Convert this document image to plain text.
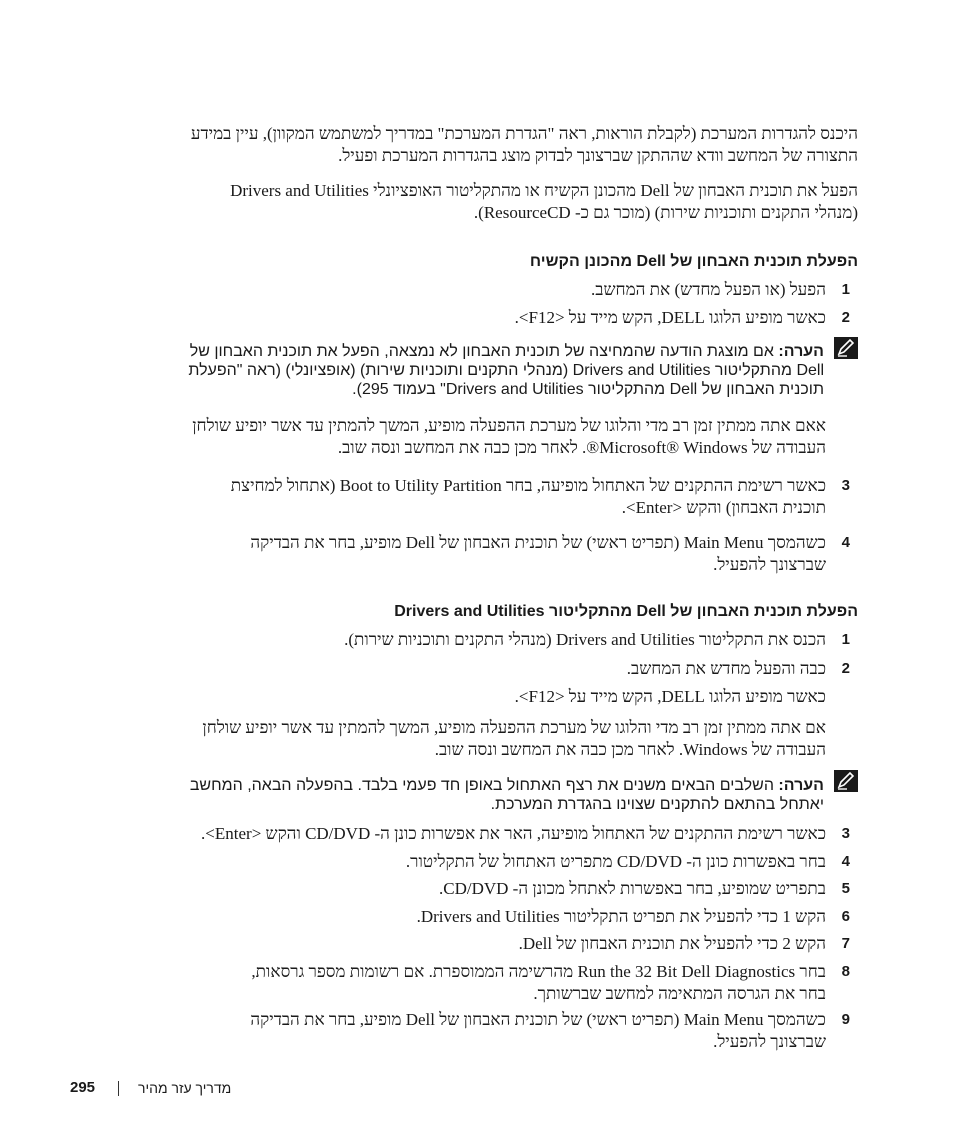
היכנס להגדרות המערכת (לקבלת הוראות, ראה "הגדרת המערכת" במדריך למשתמש המקוון), עיין במידע
התצורה של המחשב וודא שההתקן שברצונך לבדוק מוצג בהגדרות המערכת ופעיל.
הפעל את תוכנית האבחון של Dell מהכונן הקשיח או מהתקליטור האופציונלי Drivers and Utilities
(מנהלי התקנים ותוכניות שירות) (מוכר גם כ- ResourceCD).
הפעלת תוכנית האבחון של Dell מהכונן הקשיח
1
הפעל (או הפעל מחדש) את המחשב.
2
כאשר מופיע הלוגו DELL, הקש מייד על <F12>.
הערה: אם מוצגת הודעה שהמחיצה של תוכנית האבחון לא נמצאה, הפעל את תוכנית האבחון של
Dell מהתקליטור Drivers and Utilities (מנהלי התקנים ותוכניות שירות) (אופציונלי) (ראה "הפעלת
תוכנית האבחון של Dell מהתקליטור Drivers and Utilities" בעמוד 295).
אאם אתה ממתין זמן רב מדי והלוגו של מערכת ההפעלה מופיע, המשך להמתין עד אשר יופיע שולחן
העבודה של Microsoft® Windows®. לאחר מכן כבה את המחשב ונסה שוב.
3
כאשר רשימת ההתקנים של האתחול מופיעה, בחר Boot to Utility Partition (אתחול למחיצת
תוכנית האבחון) והקש <Enter>.
4
כשהמסך Main Menu (תפריט ראשי) של תוכנית האבחון של Dell מופיע, בחר את הבדיקה
שברצונך להפעיל.
הפעלת תוכנית האבחון של Dell מהתקליטור Drivers and Utilities
1
הכנס את התקליטור Drivers and Utilities (מנהלי התקנים ותוכניות שירות).
2
כבה והפעל מחדש את המחשב.
כאשר מופיע הלוגו DELL, הקש מייד על <F12>.
אם אתה ממתין זמן רב מדי והלוגו של מערכת ההפעלה מופיע, המשך להמתין עד אשר יופיע שולחן
העבודה של Windows. לאחר מכן כבה את המחשב ונסה שוב.
הערה: השלבים הבאים משנים את רצף האתחול באופן חד פעמי בלבד. בהפעלה הבאה, המחשב
יאתחל בהתאם להתקנים שצוינו בהגדרת המערכת.
3
כאשר רשימת ההתקנים של האתחול מופיעה, האר את אפשרות כונן ה- CD/DVD והקש <Enter>.
4
בחר באפשרות כונן ה- CD/DVD מתפריט האתחול של התקליטור.
5
בתפריט שמופיע, בחר באפשרות לאתחל מכונן ה- CD/DVD.
6
הקש 1 כדי להפעיל את תפריט התקליטור Drivers and Utilities.
7
הקש 2 כדי להפעיל את תוכנית האבחון של Dell.
8
בחר Run the 32 Bit Dell Diagnostics מהרשימה הממוספרת. אם רשומות מספר גרסאות,
בחר את הגרסה המתאימה למחשב שברשותך.
9
כשהמסך Main Menu (תפריט ראשי) של תוכנית האבחון של Dell מופיע, בחר את הבדיקה
שברצונך להפעיל.
295	מדריך עזר מהיר
